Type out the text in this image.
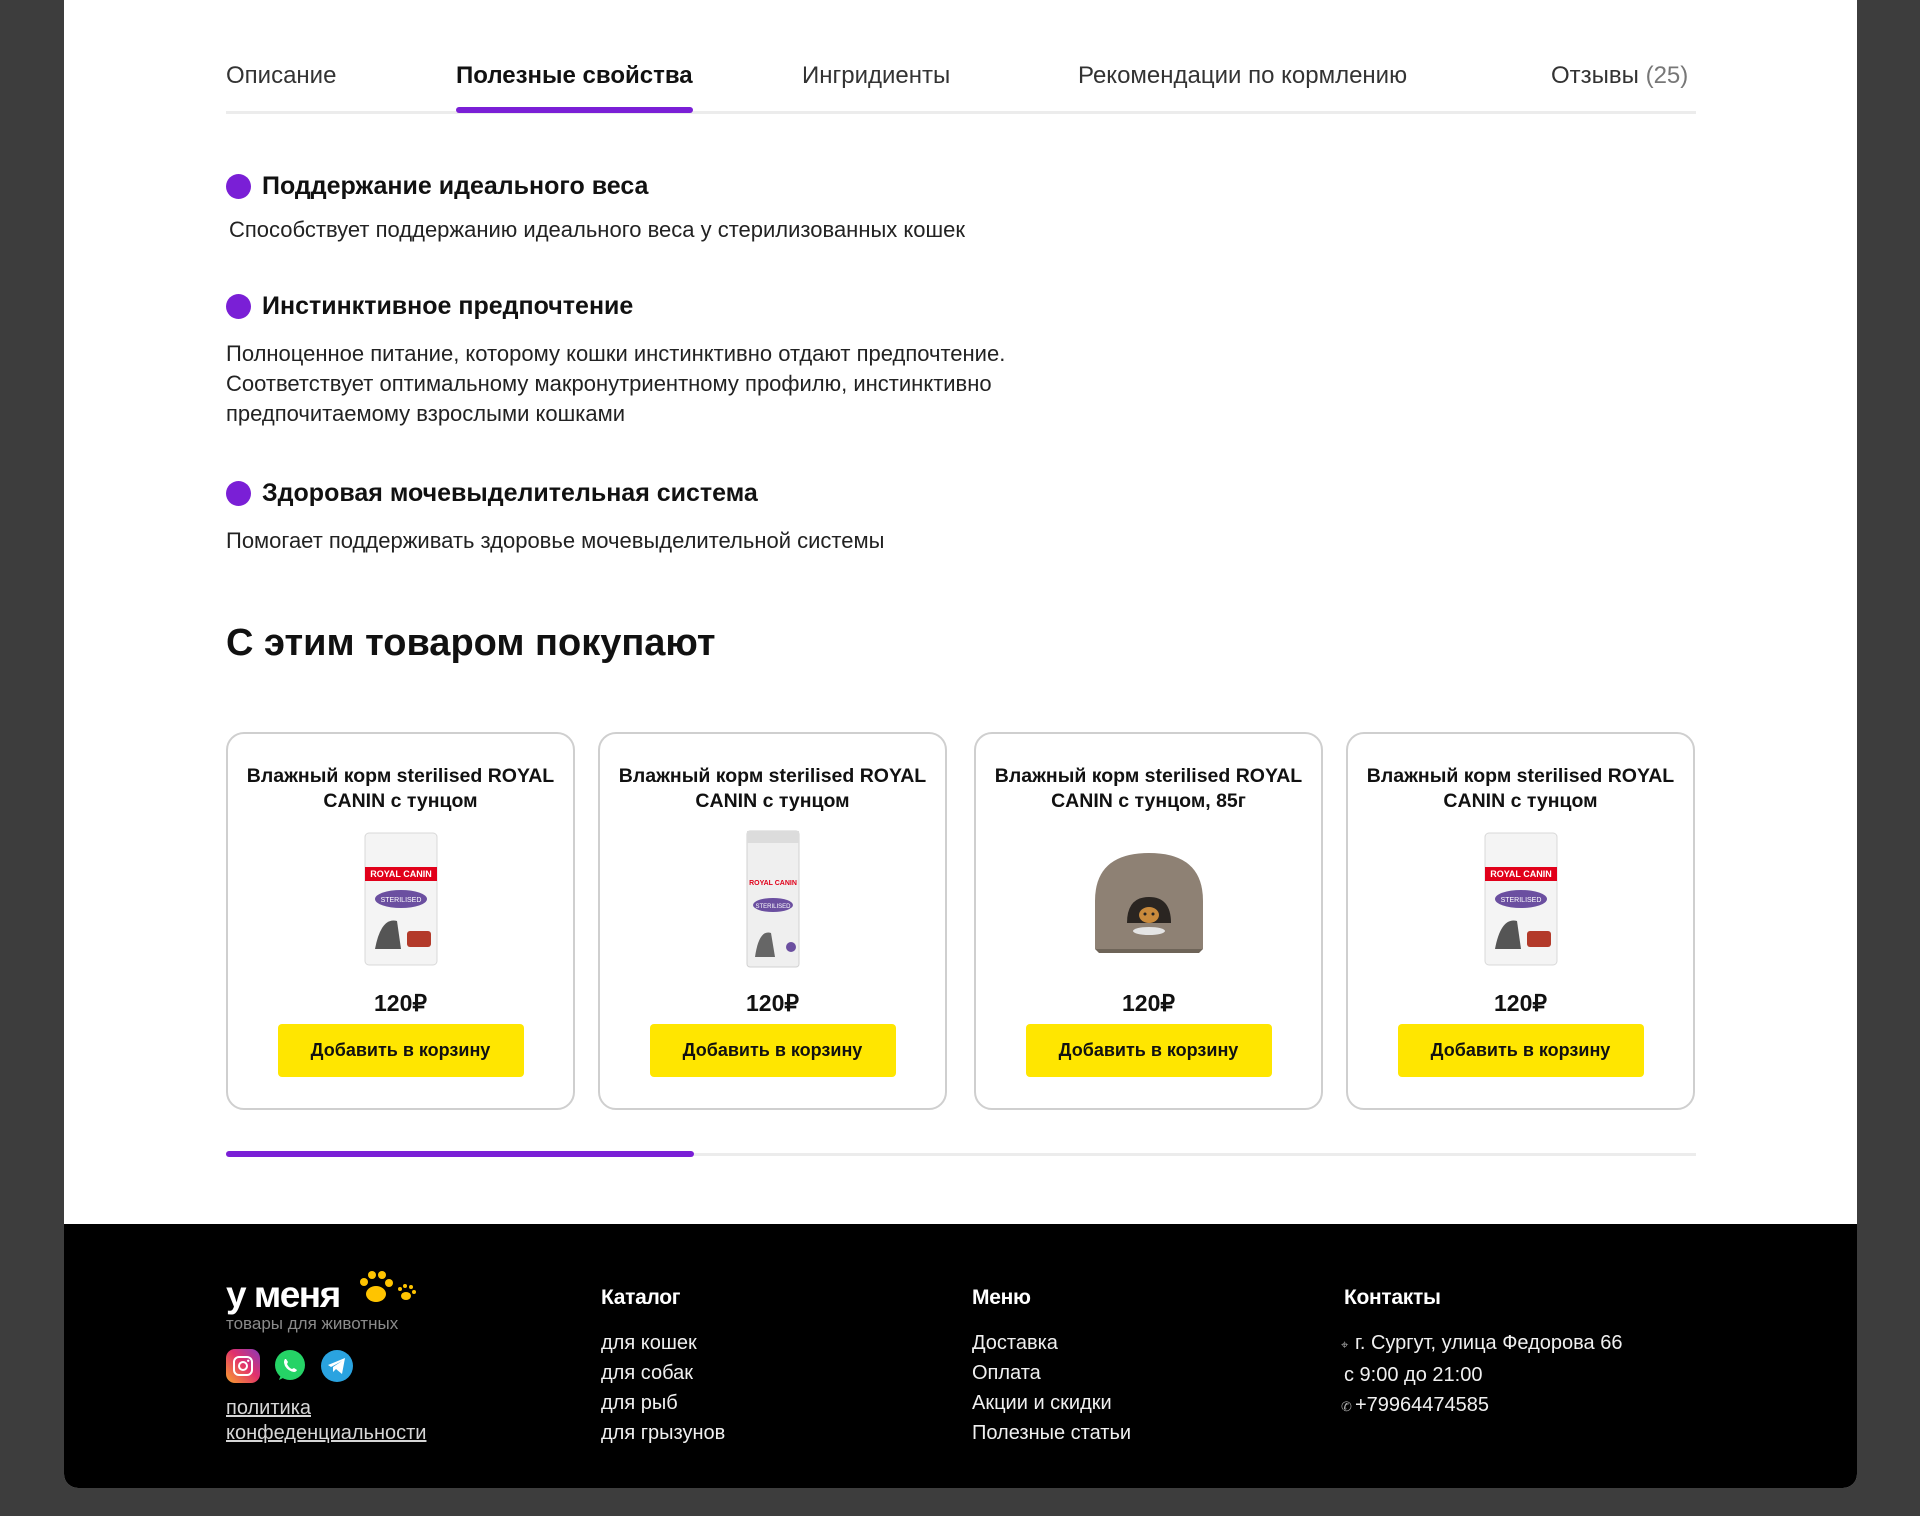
Описание	Полезные свойства	Ингридиенты	Рекомендации по кормлению	Отзывы (25)
Поддержание идеального веса
Способствует поддержанию идеального веса у стерилизованных кошек
Инстинктивное предпочтение
Полноценное питание, которому кошки инстинктивно отдают предпочтение.
Соответствует оптимальному макронутриентному профилю, инстинктивно
предпочитаемому взрослыми кошками
Здоровая мочевыделительная система
Помогает поддерживать здоровье мочевыделительной системы
С этим товаром покупают
Влажный корм sterilised ROYAL CANIN с тунцом
ROYAL CANIN
STERILISED
120₽
Добавить в корзину
Влажный корм sterilised ROYAL CANIN с тунцом
ROYAL CANIN
STERILISED
120₽
Добавить в корзину
Влажный корм sterilised ROYAL CANIN с тунцом, 85г
120₽
Добавить в корзину
Влажный корм sterilised ROYAL CANIN с тунцом
ROYAL CANIN
STERILISED
120₽
Добавить в корзину
у меня
товары для животных
политика
конфеденциальности
Каталог
для кошек
для собак
для рыб
для грызунов
Меню
Доставка
Оплата
Акции и скидки
Полезные статьи
Контакты
⌖ г. Сургут, улица Федорова 66
с 9:00 до 21:00
✆ +79964474585
